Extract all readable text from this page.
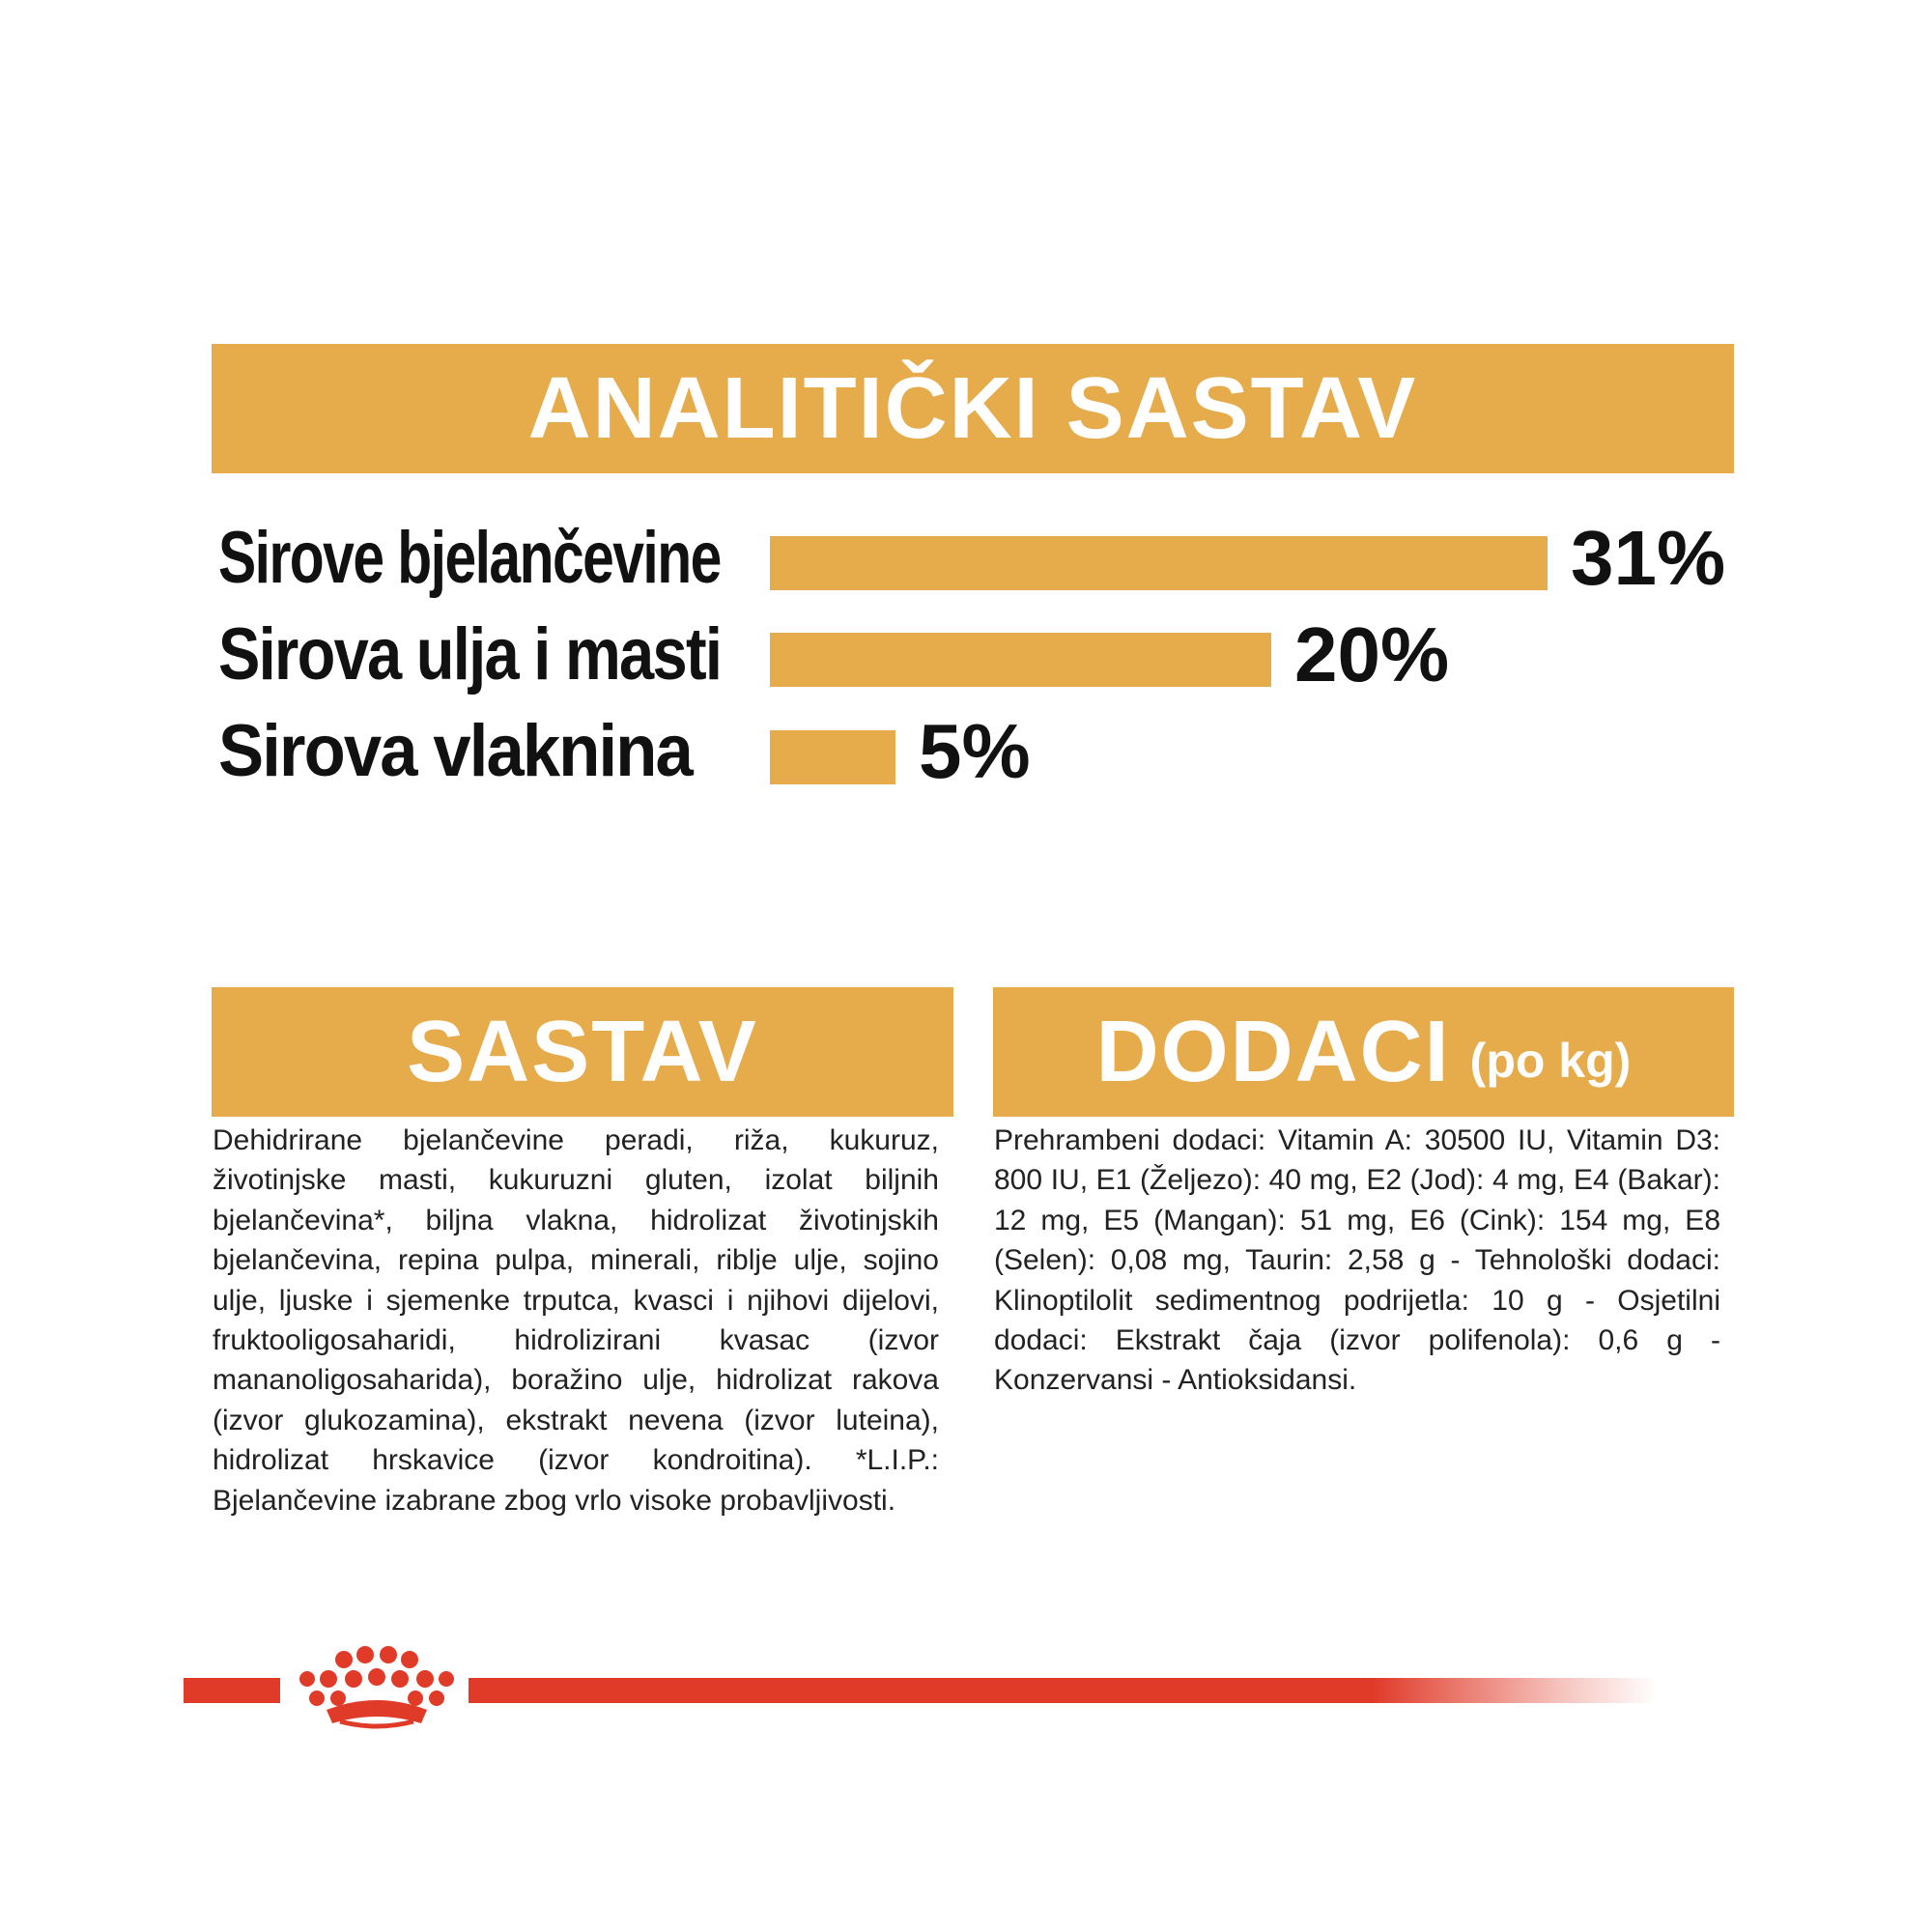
ANALITIČKI SASTAV
Sirove bjelančevine	31%
Sirova ulja i masti	20%
Sirova vlaknina	5%
SASTAV

Dehidrirane bjelančevine peradi, riža, kukuruz, životinjske masti, kukuruzni gluten, izolat biljnih bjelančevina*, biljna vlakna, hidrolizat životinjskih bjelančevina, repina pulpa, minerali, riblje ulje, sojino ulje, ljuske i sjemenke trputca, kvasci i njihovi dijelovi, fruktooligosaharidi, hidrolizirani kvasac (izvor mananoligosaharida), boražino ulje, hidrolizat rakova (izvor glukozamina), ekstrakt nevena (izvor luteina), hidrolizat hrskavice (izvor kondroitina). *L.I.P.: Bjelančevine izabrane zbog vrlo visoke probavljivosti.

DODACI (po kg)

Prehrambeni dodaci: Vitamin A: 30500 IU, Vitamin D3: 800 IU, E1 (Željezo): 40 mg, E2 (Jod): 4 mg, E4 (Bakar): 12 mg, E5 (Mangan): 51 mg, E6 (Cink): 154 mg, E8 (Selen): 0,08 mg, Taurin: 2,58 g - Tehnološki dodaci: Klinoptilolit sedimentnog podrijetla: 10 g - Osjetilni dodaci: Ekstrakt čaja (izvor polifenola): 0,6 g - Konzervansi - Antioksidansi.
